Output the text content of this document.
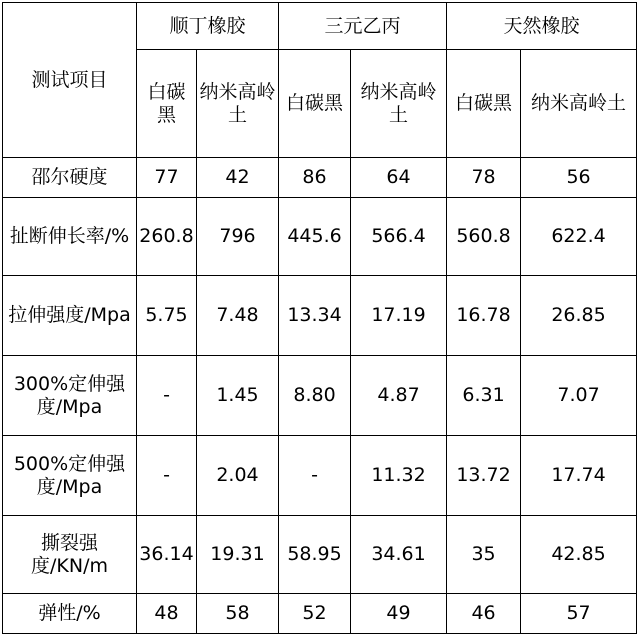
测试项目	顺丁橡胶		三元乙丙		天然橡胶	
	白碳黑	纳米高岭土	白碳黑	纳米高岭土	白碳黑	纳米高岭土
邵尔硬度	77	42	86	64	78	56
扯断伸长率/%	260.8	796	445.6	566.4	560.8	622.4
拉伸强度/Mpa	5.75	7.48	13.34	17.19	16.78	26.85
300%定伸强度/Mpa	-	1.45	8.80	4.87	6.31	7.07
500%定伸强度/Mpa	-	2.04	-	11.32	13.72	17.74
撕裂强度/KN/m	36.14	19.31	58.95	34.61	35	42.85
弹性/%	48	58	52	49	46	57
